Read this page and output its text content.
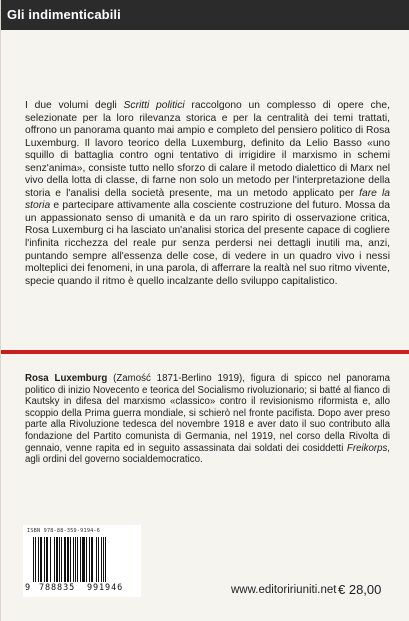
Gli indimenticabili

I due volumi degli Scritti politici raccolgono un complesso di opere che, selezionate per la loro rilevanza storica e per la centralità dei temi trattati, offrono un panorama quanto mai ampio e completo del pensiero politico di Rosa Luxemburg. Il lavoro teorico della Luxemburg, definito da Lelio Basso «uno squillo di battaglia contro ogni tentativo di irrigidire il marxismo in schemi senz'anima», consiste tutto nello sforzo di calare il metodo dialettico di Marx nel vivo della lotta di classe, di farne non solo un metodo per l'interpretazione della storia e l'analisi della società presente, ma un metodo applicato per fare la storia e partecipare attivamente alla cosciente costruzione del futuro. Mossa da un appassionato senso di umanità e da un raro spirito di osservazione critica, Rosa Luxemburg ci ha lasciato un'analisi storica del presente capace di cogliere l'infinita ricchezza del reale pur senza perdersi nei dettagli inutili ma, anzi, puntando sempre all'essenza delle cose, di vedere in un quadro vivo i nessi molteplici dei fenomeni, in una parola, di afferrare la realtà nel suo ritmo vivente, specie quando il ritmo è quello incalzante dello sviluppo capitalistico.

Rosa Luxemburg (Zamość 1871-Berlino 1919), figura di spicco nel panorama politico di inizio Novecento e teorica del Socialismo rivoluzionario; si batté al fianco di Kautsky in difesa del marxismo «classico» contro il revisionismo riformista e, allo scoppio della Prima guerra mondiale, si schierò nel fronte pacifista. Dopo aver preso parte alla Rivoluzione tedesca del novembre 1918 e aver dato il suo contributo alla fondazione del Partito comunista di Germania, nel 1919, nel corso della Rivolta di gennaio, venne rapita ed in seguito assassinata dai soldati dei cosiddetti Freikorps, agli ordini del governo socialdemocratico.

ISBN 978-88-359-9194-6
9 788835 991946	www.editoririuniti.net € 28,00
